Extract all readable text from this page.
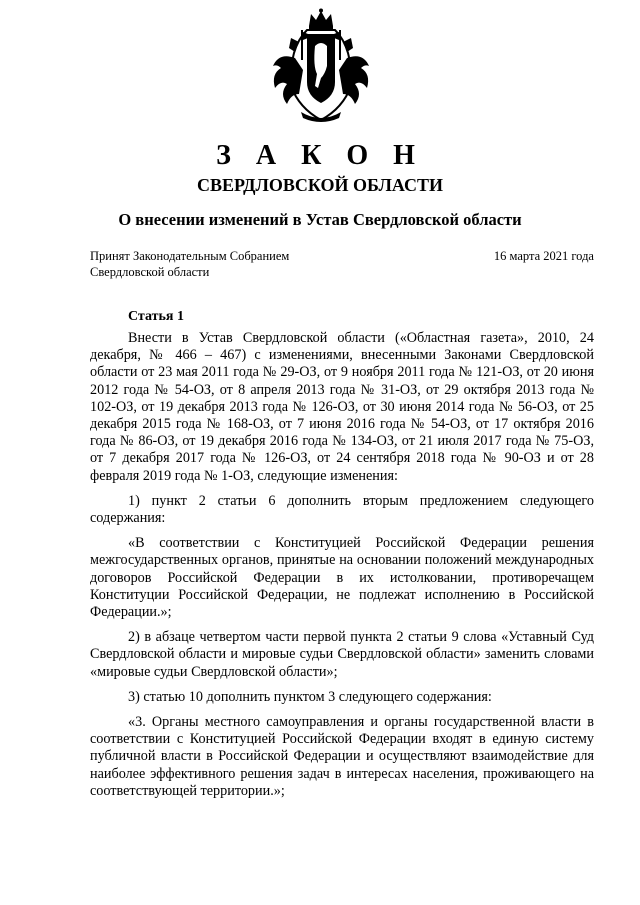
З А К О Н
СВЕРДЛОВСКОЙ ОБЛАСТИ
О внесении изменений в Устав Свердловской области
Принят Законодательным Собранием
Свердловской области
16 марта 2021 года
Статья 1

Внести в Устав Свердловской области («Областная газета», 2010, 24 декабря, № 466 – 467) с изменениями, внесенными Законами Свердловской области от 23 мая 2011 года № 29-ОЗ, от 9 ноября 2011 года № 121-ОЗ, от 20 июня 2012 года № 54-ОЗ, от 8 апреля 2013 года № 31-ОЗ, от 29 октября 2013 года № 102-ОЗ, от 19 декабря 2013 года № 126-ОЗ, от 30 июня 2014 года № 56-ОЗ, от 25 декабря 2015 года № 168-ОЗ, от 7 июня 2016 года № 54-ОЗ, от 17 октября 2016 года № 86-ОЗ, от 19 декабря 2016 года № 134-ОЗ, от 21 июля 2017 года № 75-ОЗ, от 7 декабря 2017 года № 126-ОЗ, от 24 сентября 2018 года № 90-ОЗ и от 28 февраля 2019 года № 1-ОЗ, следующие изменения:

1) пункт 2 статьи 6 дополнить вторым предложением следующего содержания:

«В соответствии с Конституцией Российской Федерации решения межгосударственных органов, принятые на основании положений международных договоров Российской Федерации в их истолковании, противоречащем Конституции Российской Федерации, не подлежат исполнению в Российской Федерации.»;

2) в абзаце четвертом части первой пункта 2 статьи 9 слова «Уставный Суд Свердловской области и мировые судьи Свердловской области» заменить словами «мировые судьи Свердловской области»;

3) статью 10 дополнить пунктом 3 следующего содержания:

«3. Органы местного самоуправления и органы государственной власти в соответствии с Конституцией Российской Федерации входят в единую систему публичной власти в Российской Федерации и осуществляют взаимодействие для наиболее эффективного решения задач в интересах населения, проживающего на соответствующей территории.»;
